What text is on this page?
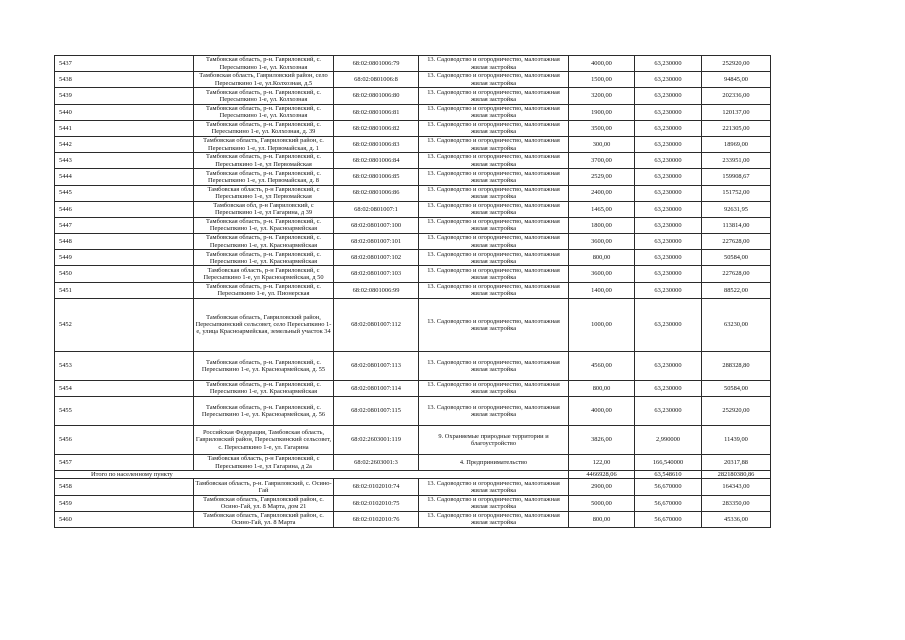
5437	Тамбовская область, р-н. Гавриловский, с. Пересыпкино 1-е, ул. Колхозная	68:02:0801006:79	13. Садоводство и огородничество, малоэтажная жилая застройка	4000,00	63,230000	252920,00
5438	Тамбовская область, Гавриловский район, село Пересыпкино 1-е, ул.Колхозная, д.5	68:02:0801006:8	13. Садоводство и огородничество, малоэтажная жилая застройка	1500,00	63,230000	94845,00
5439	Тамбовская область, р-н. Гавриловский, с. Пересыпкино 1-е, ул. Колхозная	68:02:0801006:80	13. Садоводство и огородничество, малоэтажная жилая застройка	3200,00	63,230000	202336,00
5440	Тамбовская область, р-н. Гавриловский, с. Пересыпкино 1-е, ул. Колхозная	68:02:0801006:81	13. Садоводство и огородничество, малоэтажная жилая застройка	1900,00	63,230000	120137,00
5441	Тамбовская область, р-н. Гавриловский, с. Пересыпкино 1-е, ул. Колхозная, д. 39	68:02:0801006:82	13. Садоводство и огородничество, малоэтажная жилая застройка	3500,00	63,230000	221305,00
5442	Тамбовская область, Гавриловский район, с. Пересыпкино 1-е, ул. Первомайская, д. 1	68:02:0801006:83	13. Садоводство и огородничество, малоэтажная жилая застройка	300,00	63,230000	18969,00
5443	Тамбовская область, р-н. Гавриловский, с. Пересыпкино 1-е, ул Первомайская	68:02:0801006:84	13. Садоводство и огородничество, малоэтажная жилая застройка	3700,00	63,230000	233951,00
5444	Тамбовская область, р-н. Гавриловский, с. Пересыпкино 1-е, ул. Первомайская, д. 8	68:02:0801006:85	13. Садоводство и огородничество, малоэтажная жилая застройка	2529,00	63,230000	159908,67
5445	Тамбовская область, р-н Гавриловский, с Пересыпкино 1-е, ул Первомайская	68:02:0801006:86	13. Садоводство и огородничество, малоэтажная жилая застройка	2400,00	63,230000	151752,00
5446	Тамбовская обл, р-н Гавриловский, с Пересыпкино 1-е, ул Гагарина, д 39	68:02:0801007:1	13. Садоводство и огородничество, малоэтажная жилая застройка	1465,00	63,230000	92631,95
5447	Тамбовская область, р-н. Гавриловский, с. Пересыпкино 1-е, ул. Красноармейская	68:02:0801007:100	13. Садоводство и огородничество, малоэтажная жилая застройка	1800,00	63,230000	113814,00
5448	Тамбовская область, р-н. Гавриловский, с. Пересыпкино 1-е, ул. Красноармейская	68:02:0801007:101	13. Садоводство и огородничество, малоэтажная жилая застройка	3600,00	63,230000	227628,00
5449	Тамбовская область, р-н. Гавриловский, с. Пересыпкино 1-е, ул. Красноармейская	68:02:0801007:102	13. Садоводство и огородничество, малоэтажная жилая застройка	800,00	63,230000	50584,00
5450	Тамбовская область, р-н Гавриловский, с Пересыпкино 1-е, ул Красноармейская, д 50	68:02:0801007:103	13. Садоводство и огородничество, малоэтажная жилая застройка	3600,00	63,230000	227628,00
5451	Тамбовская область, р-н. Гавриловский, с. Пересыпкино 1-е, ул. Пионерская	68:02:0801006:99	13. Садоводство и огородничество, малоэтажная жилая застройка	1400,00	63,230000	88522,00
5452	Тамбовская область, Гавриловский район, Пересыпкинский сельсовет, село Пересыпкино 1-е, улица Красноармейская, земельный участок 34	68:02:0801007:112	13. Садоводство и огородничество, малоэтажная жилая застройка	1000,00	63,230000	63230,00
5453	Тамбовская область, р-н. Гавриловский, с. Пересыпкино 1-е, ул. Красноармейская, д. 55	68:02:0801007:113	13. Садоводство и огородничество, малоэтажная жилая застройка	4560,00	63,230000	288328,80
5454	Тамбовская область, р-н. Гавриловский, с. Пересыпкино 1-е, ул. Красноармейская	68:02:0801007:114	13. Садоводство и огородничество, малоэтажная жилая застройка	800,00	63,230000	50584,00
5455	Тамбовская область, р-н. Гавриловский, с. Пересыпкино 1-е, ул. Красноармейская, д. 56	68:02:0801007:115	13. Садоводство и огородничество, малоэтажная жилая застройка	4000,00	63,230000	252920,00
5456	Российская Федерация, Тамбовская область, Гавриловский район, Пересыпкинский сельсовет, с. Пересыпкино 1-е, ул. Гагарина	68:02:2603001:119	9. Охраняемые природные территории и благоустройство	3826,00	2,990000	11439,00
5457	Тамбовская область, р-н Гавриловский, с Пересыпкино 1-е, ул Гагарина, д 2а	68:02:2603001:3	4. Предпринимательство	122,00	166,540000	20317,88
Итого по населенному пункту				4466928,06	63,548610	282180380,86
5458	Тамбовская область, р-н. Гавриловский, с. Осино-Гай	68:02:0102010:74	13. Садоводство и огородничество, малоэтажная жилая застройка	2900,00	56,670000	164343,00
5459	Тамбовская область, Гавриловский район, с. Осино-Гай, ул. 8 Марта, дом 21	68:02:0102010:75	13. Садоводство и огородничество, малоэтажная жилая застройка	5000,00	56,670000	283350,00
5460	Тамбовская область, Гавриловский район, с. Осино-Гай, ул. 8 Марта	68:02:0102010:76	13. Садоводство и огородничество, малоэтажная жилая застройка	800,00	56,670000	45336,00
